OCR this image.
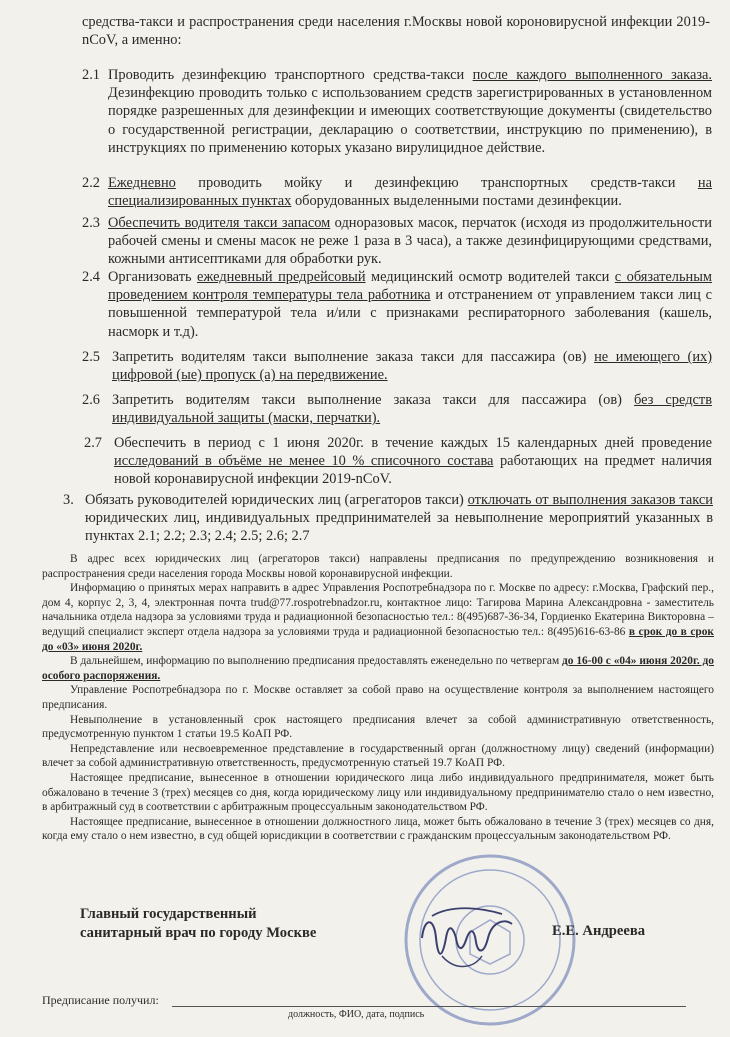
средства-такси и распространения среди населения г.Москвы новой короновирусной инфекции 2019-nCoV, а именно:

2.1 Проводить дезинфекцию транспортного средства-такси после каждого выполненного заказа. Дезинфекцию проводить только с использованием средств зарегистрированных в установленном порядке разрешенных для дезинфекции и имеющих соответствующие документы (свидетельство о государственной регистрации, декларацию о соответствии, инструкцию по применению), в инструкциях по применению которых указано вирулицидное действие.

2.2 Ежедневно проводить мойку и дезинфекцию транспортных средств-такси на специализированных пунктах оборудованных выделенными постами дезинфекции.

2.3 Обеспечить водителя такси запасом одноразовых масок, перчаток (исходя из продолжительности рабочей смены и смены масок не реже 1 раза в 3 часа), а также дезинфицирующими средствами, кожными антисептиками для обработки рук.

2.4 Организовать ежедневный предрейсовый медицинский осмотр водителей такси с обязательным проведением контроля температуры тела работника и отстранением от управлением такси лиц с повышенной температурой тела и/или с признаками респираторного заболевания (кашель, насморк и т.д).

2.5 Запретить водителям такси выполнение заказа такси для пассажира (ов) не имеющего (их) цифровой (ые) пропуск (а) на передвижение.

2.6 Запретить водителям такси выполнение заказа такси для пассажира (ов) без средств индивидуальной защиты (маски, перчатки).

2.7 Обеспечить в период с 1 июня 2020г. в течение каждых 15 календарных дней проведение исследований в объёме не менее 10 % списочного состава работающих на предмет наличия новой коронавирусной инфекции 2019-nCoV.

3. Обязать руководителей юридических лиц (агрегаторов такси) отключать от выполнения заказов такси юридических лиц, индивидуальных предпринимателей за невыполнение мероприятий указанных в пунктах 2.1; 2.2; 2.3; 2.4; 2.5; 2.6; 2.7

В адрес всех юридических лиц (агрегаторов такси) направлены предписания по предупреждению возникновения и распространения среди населения города Москвы новой коронавирусной инфекции.

Информацию о принятых мерах направить в адрес Управления Роспотребнадзора по г. Москве по адресу: г.Москва, Графский пер., дом 4, корпус 2, 3, 4, электронная почта trud@77.rospotrebnadzor.ru, контактное лицо: Тагирова Марина Александровна - заместитель начальника отдела надзора за условиями труда и радиационной безопасностью тел.: 8(495)687-36-34, Гордиенко Екатерина Викторовна – ведущий специалист эксперт отдела надзора за условиями труда и радиационной безопасностью тел.: 8(495)616-63-86 в срок до в срок до «03» июня 2020г.

В дальнейшем, информацию по выполнению предписания предоставлять еженедельно по четвергам до 16-00 с «04» июня 2020г. до особого распоряжения.

Управление Роспотребнадзора по г. Москве оставляет за собой право на осуществление контроля за выполнением настоящего предписания.

Невыполнение в установленный срок настоящего предписания влечет за собой административную ответственность, предусмотренную пунктом 1 статьи 19.5 КоАП РФ.

Непредставление или несвоевременное представление в государственный орган (должностному лицу) сведений (информации) влечет за собой административную ответственность, предусмотренную статьей 19.7 КоАП РФ.

Настоящее предписание, вынесенное в отношении юридического лица либо индивидуального предпринимателя, может быть обжаловано в течение 3 (трех) месяцев со дня, когда юридическому лицу или индивидуальному предпринимателю стало о нем известно, в арбитражный суд в соответствии с арбитражным процессуальным законодательством РФ.

Настоящее предписание, вынесенное в отношении должностного лица, может быть обжаловано в течение 3 (трех) месяцев со дня, когда ему стало о нем известно, в суд общей юрисдикции в соответствии с гражданским процессуальным законодательством РФ.

Главный государственный
санитарный врач по городу Москве	Е.Е. Андреева
Предписание получил:
должность, ФИО, дата, подпись
